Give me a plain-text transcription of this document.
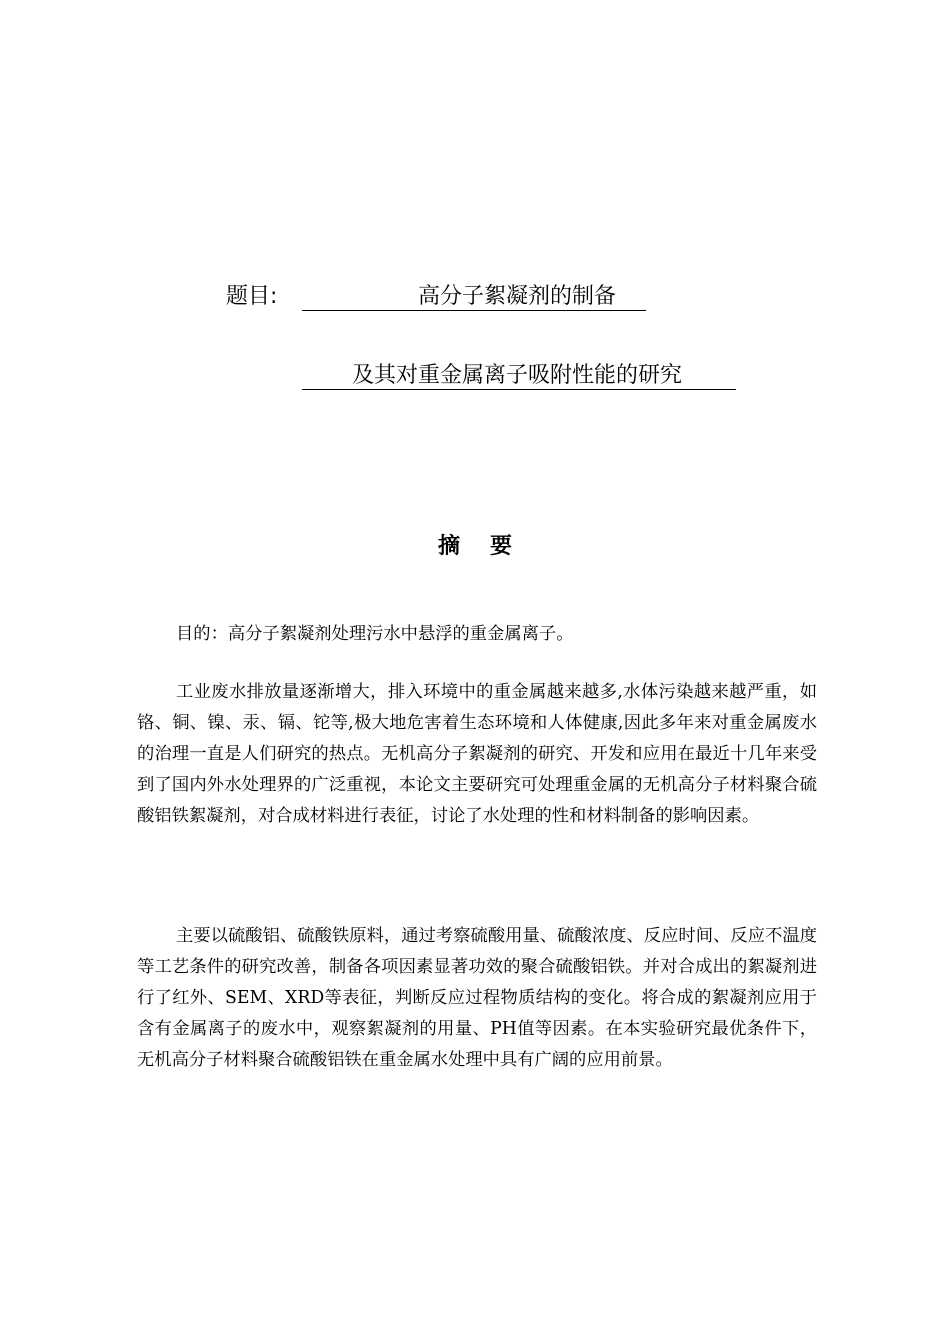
题目:	高分子絮凝剂的制备
及其对重金属离子吸附性能的研究
摘要

目的：高分子絮凝剂处理污水中悬浮的重金属离子。

工业废水排放量逐渐增大，排入环境中的重金属越来越多,水体污染越来越严重，如铬、铜、镍、汞、镉、铊等,极大地危害着生态环境和人体健康,因此多年来对重金属废水的治理一直是人们研究的热点。无机高分子絮凝剂的研究、开发和应用在最近十几年来受到了国内外水处理界的广泛重视，本论文主要研究可处理重金属的无机高分子材料聚合硫酸铝铁絮凝剂，对合成材料进行表征，讨论了水处理的性和材料制备的影响因素。

主要以硫酸铝、硫酸铁原料，通过考察硫酸用量、硫酸浓度、反应时间、反应不温度等工艺条件的研究改善，制备各项因素显著功效的聚合硫酸铝铁。并对合成出的絮凝剂进行了红外、SEM、XRD等表征，判断反应过程物质结构的变化。将合成的絮凝剂应用于含有金属离子的废水中，观察絮凝剂的用量、PH值等因素。在本实验研究最优条件下，无机高分子材料聚合硫酸铝铁在重金属水处理中具有广阔的应用前景。
